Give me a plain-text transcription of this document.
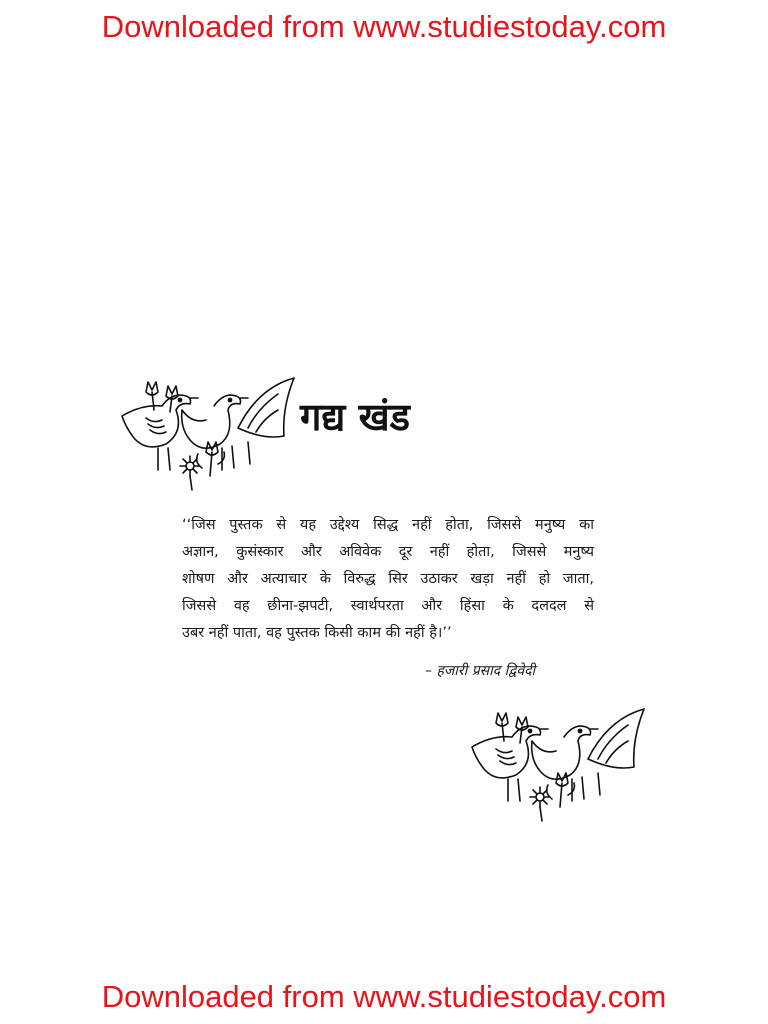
Downloaded from www.studiestoday.com
गद्य खंड
‘‘जिस पुस्तक से यह उद्देश्य सिद्ध नहीं होता, जिससे मनुष्य का
अज्ञान, कुसंस्कार और अविवेक दूर नहीं होता, जिससे मनुष्य
शोषण और अत्याचार के विरुद्ध सिर उठाकर खड़ा नहीं हो जाता,
जिससे वह छीना-झपटी, स्वार्थपरता और हिंसा के दलदल से
उबर नहीं पाता, वह पुस्तक किसी काम की नहीं है।’’
– हजारी प्रसाद द्विवेदी
Downloaded from www.studiestoday.com
